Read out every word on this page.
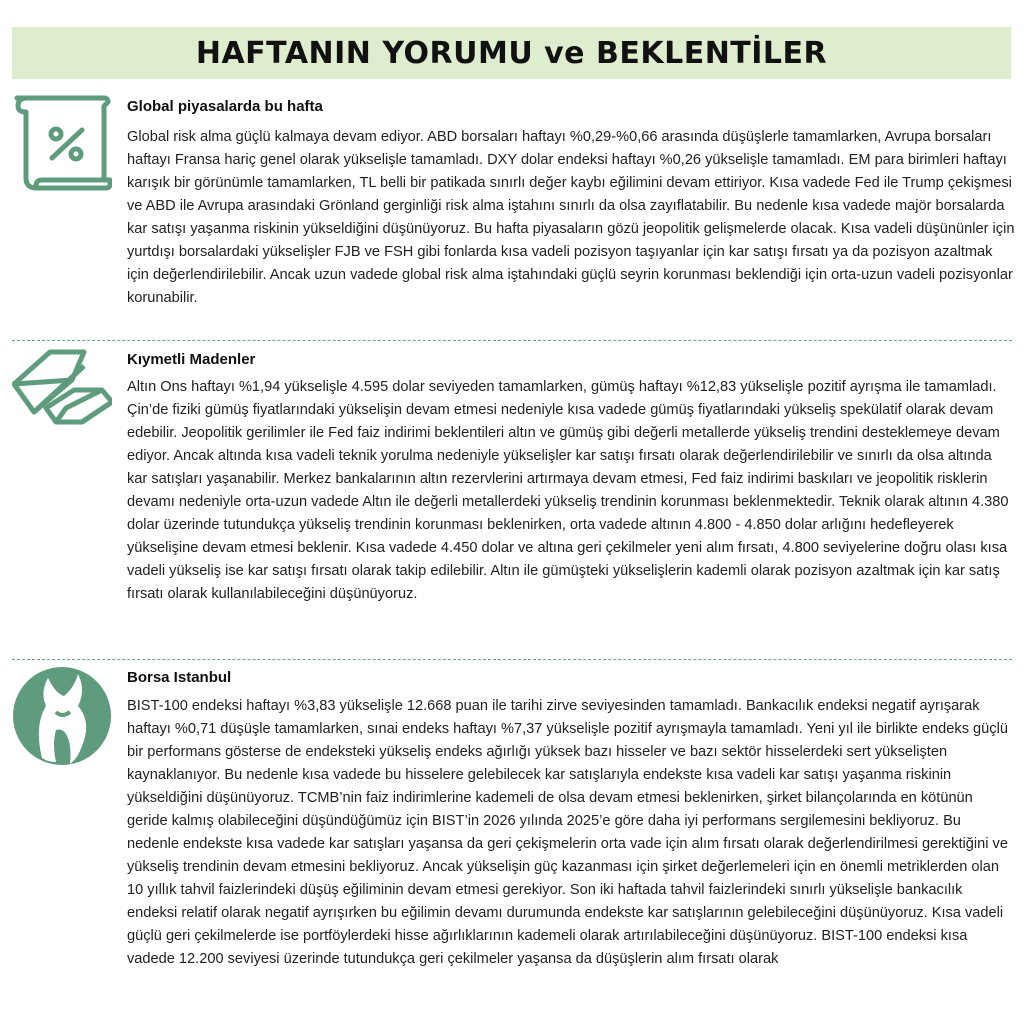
HAFTANIN YORUMU ve BEKLENTİLER
Global piyasalarda bu hafta

Global risk alma güçlü kalmaya devam ediyor. ABD borsaları haftayı %0,29-%0,66 arasında düşüşlerle tamamlarken, Avrupa borsaları haftayı Fransa hariç genel olarak yükselişle tamamladı. DXY dolar endeksi haftayı %0,26 yükselişle tamamladı. EM para birimleri haftayı karışık bir görünümle tamamlarken, TL belli bir patikada sınırlı değer kaybı eğilimini devam ettiriyor. Kısa vadede Fed ile Trump çekişmesi ve ABD ile Avrupa arasındaki Grönland gerginliği risk alma iştahını sınırlı da olsa zayıflatabilir. Bu nedenle kısa vadede majör borsalarda kar satışı yaşanma riskinin yükseldiğini düşünüyoruz. Bu hafta piyasaların gözü jeopolitik gelişmelerde olacak. Kısa vadeli düşününler için yurtdışı borsalardaki yükselişler FJB ve FSH gibi fonlarda kısa vadeli pozisyon taşıyanlar için kar satışı fırsatı ya da pozisyon azaltmak için değerlendirilebilir. Ancak uzun vadede global risk alma iştahındaki güçlü seyrin korunması beklendiği için orta-uzun vadeli pozisyonlar korunabilir.

Kıymetli Madenler

Altın Ons haftayı %1,94 yükselişle 4.595 dolar seviyeden tamamlarken, gümüş haftayı %12,83 yükselişle pozitif ayrışma ile tamamladı. Çin’de fiziki gümüş fiyatlarındaki yükselişin devam etmesi nedeniyle kısa vadede gümüş fiyatlarındaki yükseliş spekülatif olarak devam edebilir. Jeopolitik gerilimler ile Fed faiz indirimi beklentileri altın ve gümüş gibi değerli metallerde yükseliş trendini desteklemeye devam ediyor. Ancak altında kısa vadeli teknik yorulma nedeniyle yükselişler kar satışı fırsatı olarak değerlendirilebilir ve sınırlı da olsa altında kar satışları yaşanabilir. Merkez bankalarının altın rezervlerini artırmaya devam etmesi, Fed faiz indirimi baskıları ve jeopolitik risklerin devamı nedeniyle orta-uzun vadede Altın ile değerli metallerdeki yükseliş trendinin korunması beklenmektedir. Teknik olarak altının 4.380 dolar üzerinde tutundukça yükseliş trendinin korunması beklenirken, orta vadede altının 4.800 - 4.850 dolar arlığını hedefleyerek yükselişine devam etmesi beklenir. Kısa vadede 4.450 dolar ve altına geri çekilmeler yeni alım fırsatı, 4.800 seviyelerine doğru olası kısa vadeli yükseliş ise kar satışı fırsatı olarak takip edilebilir. Altın ile gümüşteki yükselişlerin kademli olarak pozisyon azaltmak için kar satış fırsatı olarak kullanılabileceğini düşünüyoruz.

Borsa Istanbul

BIST-100 endeksi haftayı %3,83 yükselişle 12.668 puan ile tarihi zirve seviyesinden tamamladı. Bankacılık endeksi negatif ayrışarak haftayı %0,71 düşüşle tamamlarken, sınai endeks haftayı %7,37 yükselişle pozitif ayrışmayla tamamladı. Yeni yıl ile birlikte endeks güçlü bir performans gösterse de endeksteki yükseliş endeks ağırlığı yüksek bazı hisseler ve bazı sektör hisselerdeki sert yükselişten kaynaklanıyor. Bu nedenle kısa vadede bu hisselere gelebilecek kar satışlarıyla endekste kısa vadeli kar satışı yaşanma riskinin yükseldiğini düşünüyoruz. TCMB’nin faiz indirimlerine kademeli de olsa devam etmesi beklenirken, şirket bilançolarında en kötünün geride kalmış olabileceğini düşündüğümüz için BIST’in 2026 yılında 2025’e göre daha iyi performans sergilemesini bekliyoruz. Bu nedenle endekste kısa vadede kar satışları yaşansa da geri çekişmelerin orta vade için alım fırsatı olarak değerlendirilmesi gerektiğini ve yükseliş trendinin devam etmesini bekliyoruz. Ancak yükselişin güç kazanması için şirket değerlemeleri için en önemli metriklerden olan 10 yıllık tahvil faizlerindeki düşüş eğiliminin devam etmesi gerekiyor. Son iki haftada tahvil faizlerindeki sınırlı yükselişle bankacılık endeksi relatif olarak negatif ayrışırken bu eğilimin devamı durumunda endekste kar satışlarının gelebileceğini düşünüyoruz. Kısa vadeli güçlü geri çekilmelerde ise portföylerdeki hisse ağırlıklarının kademeli olarak artırılabileceğini düşünüyoruz. BIST-100 endeksi kısa vadede 12.200 seviyesi üzerinde tutundukça geri çekilmeler yaşansa da düşüşlerin alım fırsatı olarak
